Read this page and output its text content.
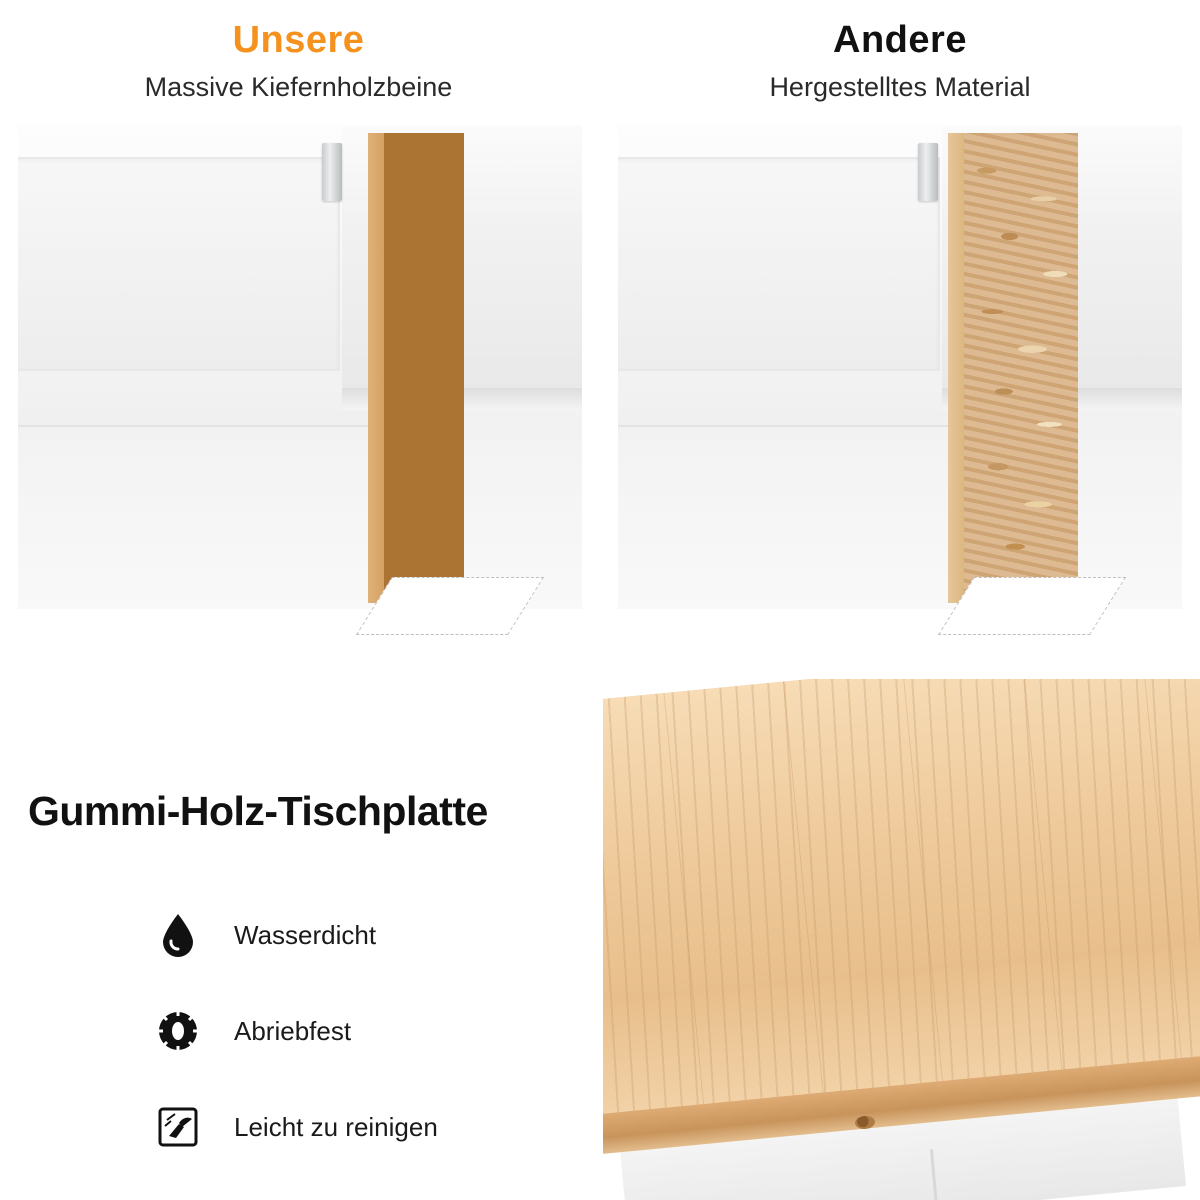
Unsere
Massive Kiefernholzbeine
Andere
Hergestelltes Material
Gummi-Holz-Tischplatte
Wasserdicht
Abriebfest
Leicht zu reinigen
